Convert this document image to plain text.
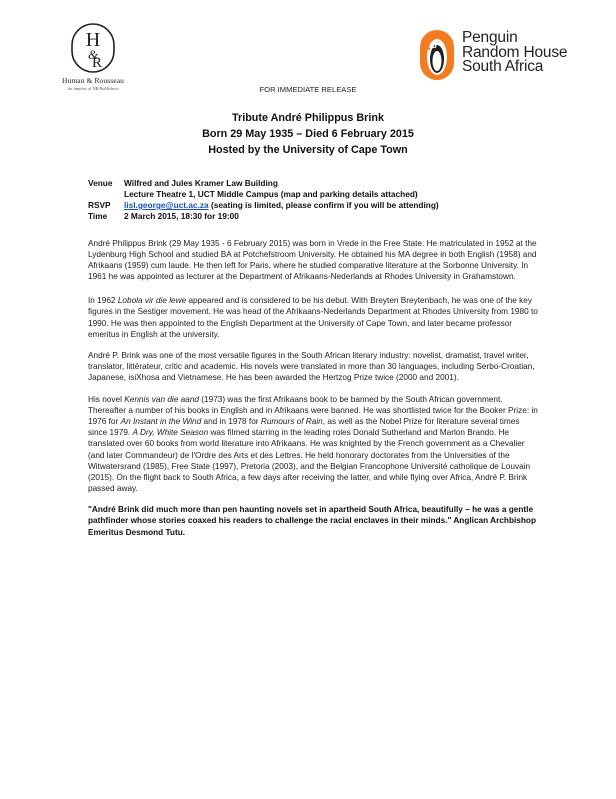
H
&
R
Human & Rousseau
An imprint of NB Publishers
Penguin
Random House
South Africa
FOR IMMEDIATE RELEASE
Tribute André Philippus Brink
Born 29 May 1935 – Died 6 February 2015
Hosted by the University of Cape Town
Venue	Wilfred and Jules Kramer Law Building
Lecture Theatre 1, UCT Middle Campus (map and parking details attached)
RSVP	lisl.george@uct.ac.za (seating is limited, please confirm if you will be attending)
Time	2 March 2015, 18:30 for 19:00

André Philippus Brink (29 May 1935 - 6 February 2015) was born in Vrede in the Free State. He matriculated in 1952 at the Lydenburg High School and studied BA at Potchefstroom University. He obtained his MA degree in both English (1958) and Afrikaans (1959) cum laude. He then left for Paris, where he studied comparative literature at the Sorbonne University. In 1961 he was appointed as lecturer at the Department of Afrikaans-Nederlands at Rhodes University in Grahamstown.

In 1962 Lobola vir die lewe appeared and is considered to be his debut. With Breyten Breytenbach, he was one of the key figures in the Sestiger movement. He was head of the Afrikaans-Nederlands Department at Rhodes University from 1980 to 1990. He was then appointed to the English Department at the University of Cape Town, and later became professor emeritus in English at the university.

André P. Brink was one of the most versatile figures in the South African literary industry: novelist, dramatist, travel writer, translator, littérateur, critic and academic. His novels were translated in more than 30 languages, including Serbo-Croatian, Japanese, isiXhosa and Vietnamese. He has been awarded the Hertzog Prize twice (2000 and 2001).

His novel Kennis van die aand (1973) was the first Afrikaans book to be banned by the South African government. Thereafter a number of his books in English and in Afrikaans were banned. He was shortlisted twice for the Booker Prize: in 1976 for An Instant in the Wind and in 1978 for Rumours of Rain, as well as the Nobel Prize for literature several times since 1979. A Dry, White Season was filmed starring in the leading roles Donald Sutherland and Marlon Brando. He translated over 60 books from world literature into Afrikaans. He was knighted by the French government as a Chevalier (and later Commandeur) de l'Ordre des Arts et des Lettres. He held honorary doctorates from the Universities of the Witwatersrand (1985), Free State (1997), Pretoria (2003), and the Belgian Francophone Université catholique de Louvain (2015). On the flight back to South Africa, a few days after receiving the latter, and while flying over Africa, André P. Brink passed away.

"André Brink did much more than pen haunting novels set in apartheid South Africa, beautifully – he was a gentle pathfinder whose stories coaxed his readers to challenge the racial enclaves in their minds." Anglican Archbishop Emeritus Desmond Tutu.
